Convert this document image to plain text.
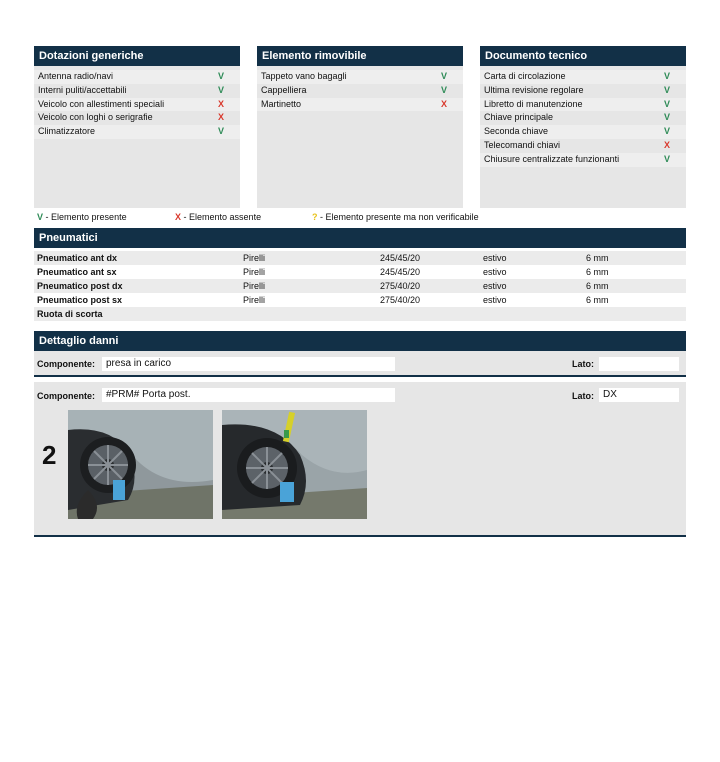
Dotazioni generiche
Antenna radio/navi	V
Interni puliti/accettabili	V
Veicolo con allestimenti speciali	X
Veicolo con loghi o serigrafie	X
Climatizzatore	V
Elemento rimovibile
Tappeto vano bagagli	V
Cappelliera	V
Martinetto	X
Documento tecnico
Carta di circolazione	V
Ultima revisione regolare	V
Libretto di manutenzione	V
Chiave principale	V
Seconda chiave	V
Telecomandi chiavi	X
Chiusure centralizzate funzionanti	V
V - Elemento presente	X - Elemento assente	? - Elemento presente ma non verificabile
Pneumatici
Pneumatico ant dx	Pirelli	245/45/20	estivo	6 mm
Pneumatico ant sx	Pirelli	245/45/20	estivo	6 mm
Pneumatico post dx	Pirelli	275/40/20	estivo	6 mm
Pneumatico post sx	Pirelli	275/40/20	estivo	6 mm
Ruota di scorta
Dettaglio danni
Componente:	presa in carico	Lato:
Componente:	#PRM# Porta post.	Lato: DX
2
